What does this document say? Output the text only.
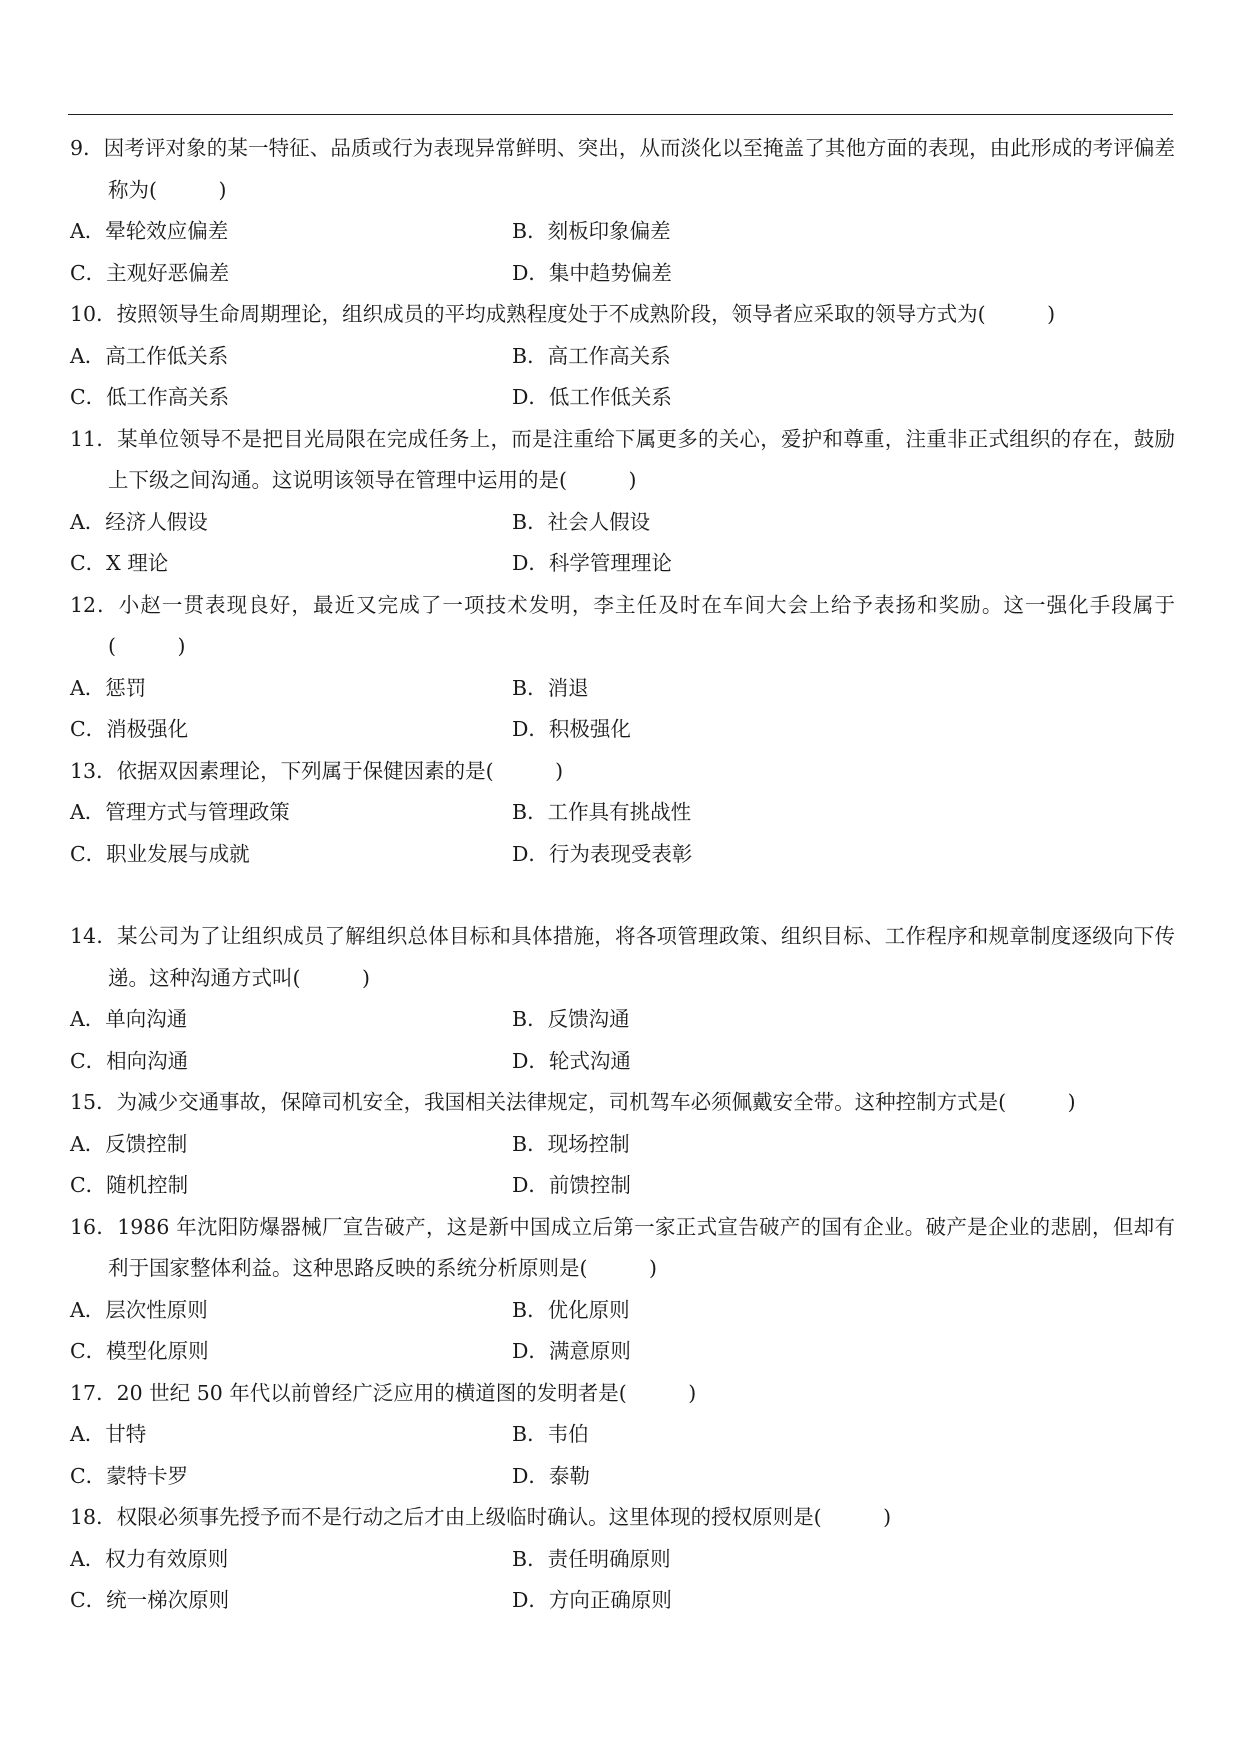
9．因考评对象的某一特征、品质或行为表现异常鲜明、突出，从而淡化以至掩盖了其他方面的表现，由此形成的考评偏差称为(　　　)

A．晕轮效应偏差	B．刻板印象偏差
C．主观好恶偏差	D．集中趋势偏差

10．按照领导生命周期理论，组织成员的平均成熟程度处于不成熟阶段，领导者应采取的领导方式为(　　　)

A．高工作低关系	B．高工作高关系
C．低工作高关系	D．低工作低关系

11．某单位领导不是把目光局限在完成任务上，而是注重给下属更多的关心，爱护和尊重，注重非正式组织的存在，鼓励上下级之间沟通。这说明该领导在管理中运用的是(　　　)

A．经济人假设	B．社会人假设
C．X 理论	D．科学管理理论

12．小赵一贯表现良好，最近又完成了一项技术发明，李主任及时在车间大会上给予表扬和奖励。这一强化手段属于(　　　)

A．惩罚	B．消退
C．消极强化	D．积极强化

13．依据双因素理论，下列属于保健因素的是(　　　)

A．管理方式与管理政策	B．工作具有挑战性
C．职业发展与成就	D．行为表现受表彰

14．某公司为了让组织成员了解组织总体目标和具体措施，将各项管理政策、组织目标、工作程序和规章制度逐级向下传递。这种沟通方式叫(　　　)

A．单向沟通	B．反馈沟通
C．相向沟通	D．轮式沟通

15．为减少交通事故，保障司机安全，我国相关法律规定，司机驾车必须佩戴安全带。这种控制方式是(　　　)

A．反馈控制	B．现场控制
C．随机控制	D．前馈控制

16．1986 年沈阳防爆器械厂宣告破产，这是新中国成立后第一家正式宣告破产的国有企业。破产是企业的悲剧，但却有利于国家整体利益。这种思路反映的系统分析原则是(　　　)

A．层次性原则	B．优化原则
C．模型化原则	D．满意原则

17．20 世纪 50 年代以前曾经广泛应用的横道图的发明者是(　　　)

A．甘特	B．韦伯
C．蒙特卡罗	D．泰勒

18．权限必须事先授予而不是行动之后才由上级临时确认。这里体现的授权原则是(　　　)

A．权力有效原则	B．责任明确原则
C．统一梯次原则	D．方向正确原则
